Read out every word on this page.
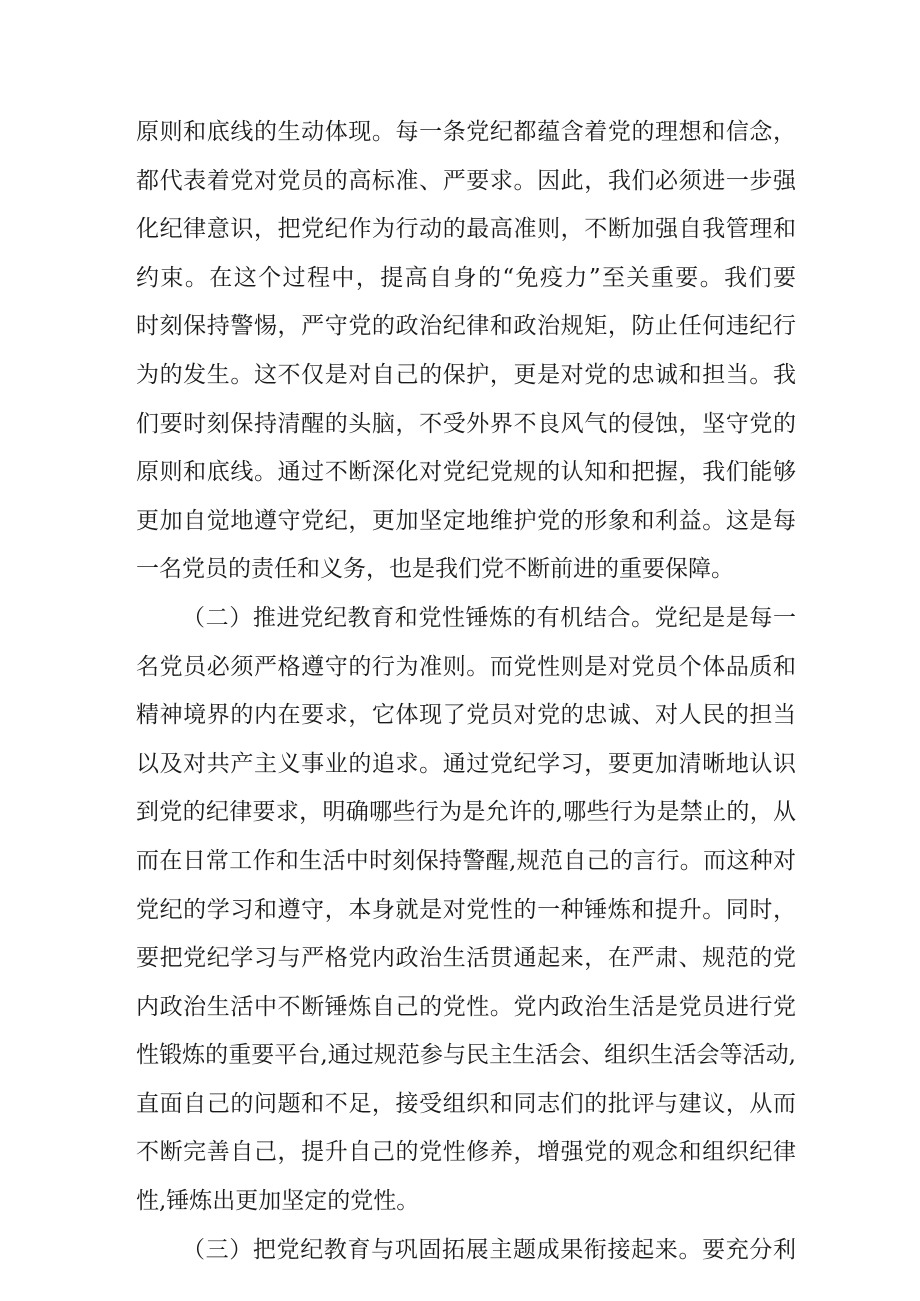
原则和底线的生动体现。每一条党纪都蕴含着党的理想和信念，
都代表着党对党员的高标准、严要求。因此，我们必须进一步强
化纪律意识，把党纪作为行动的最高准则，不断加强自我管理和
约束。在这个过程中，提高自身的“免疫力”至关重要。我们要
时刻保持警惕，严守党的政治纪律和政治规矩，防止任何违纪行
为的发生。这不仅是对自己的保护，更是对党的忠诚和担当。我
们要时刻保持清醒的头脑，不受外界不良风气的侵蚀，坚守党的
原则和底线。通过不断深化对党纪党规的认知和把握，我们能够
更加自觉地遵守党纪，更加坚定地维护党的形象和利益。这是每
一名党员的责任和义务，也是我们党不断前进的重要保障。
（二）推进党纪教育和党性锤炼的有机结合。党纪是是每一
名党员必须严格遵守的行为准则。而党性则是对党员个体品质和
精神境界的内在要求，它体现了党员对党的忠诚、对人民的担当
以及对共产主义事业的追求。通过党纪学习，要更加清晰地认识
到党的纪律要求，明确哪些行为是允许的,哪些行为是禁止的，从
而在日常工作和生活中时刻保持警醒,规范自己的言行。而这种对
党纪的学习和遵守，本身就是对党性的一种锤炼和提升。同时，
要把党纪学习与严格党内政治生活贯通起来，在严肃、规范的党
内政治生活中不断锤炼自己的党性。党内政治生活是党员进行党
性锻炼的重要平台,通过规范参与民主生活会、组织生活会等活动,
直面自己的问题和不足，接受组织和同志们的批评与建议，从而
不断完善自己，提升自己的党性修养，增强党的观念和组织纪律
性,锤炼出更加坚定的党性。
（三）把党纪教育与巩固拓展主题成果衔接起来。要充分利
